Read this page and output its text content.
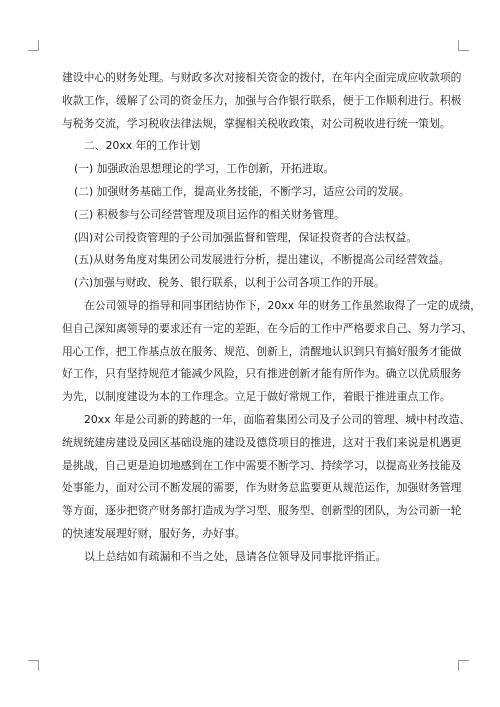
建设中心的财务处理。与财政多次对接相关资金的拨付，在年内全面完成应收款项的
收款工作，缓解了公司的资金压力，加强与合作银行联系，便于工作顺利进行。积极
与税务交流，学习税收法律法规，掌握相关税收政策，对公司税收进行统一策划。
二、20xx 年的工作计划
(一) 加强政治思想理论的学习，工作创新，开拓进取。
(二) 加强财务基础工作，提高业务技能，不断学习，适应公司的发展。
(三) 积极参与公司经营管理及项目运作的相关财务管理。
(四)对公司投资管理的子公司加强监督和管理，保证投资者的合法权益。
(五)从财务角度对集团公司发展进行分析，提出建议，不断提高公司经营效益。
(六)加强与财政、税务、银行联系，以利于公司各项工作的开展。
在公司领导的指导和同事团结协作下，20xx 年的财务工作虽然取得了一定的成绩，
但自己深知离领导的要求还有一定的差距，在今后的工作中严格要求自己、努力学习、
用心工作，把工作基点放在服务、规范、创新上，清醒地认识到只有搞好服务才能做
好工作，只有坚持规范才能减少风险，只有推进创新才能有所作为。确立以优质服务
为先，以制度建设为本的工作理念。立足于做好常规工作，着眼于推进重点工作。
20xx 年是公司新的跨越的一年，面临着集团公司及子公司的管理、城中村改造、
统规统建房建设及园区基础设施的建设及德贷项目的推进，这对于我们来说是机遇更
是挑战，自己更是迫切地感到在工作中需要不断学习、持续学习，以提高业务技能及
处事能力，面对公司不断发展的需要，作为财务总监要更从规范运作，加强财务管理
等方面，逐步把资产财务部打造成为学习型、服务型、创新型的团队，为公司新一轮
的快速发展理好财，服好务，办好事。
以上总结如有疏漏和不当之处，恳请各位领导及同事批评指正。
